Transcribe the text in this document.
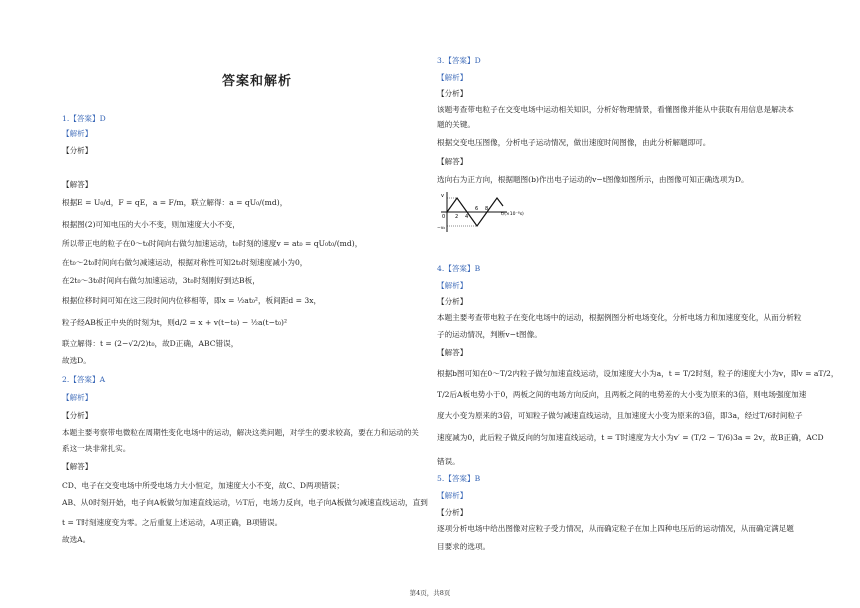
答案和解析
1.【答案】D
【解析】
【分析】
【解答】
根据E = U₀/d，F = qE，a = F/m，联立解得：a = qU₀/(md)，
根据图(2)可知电压的大小不变，则加速度大小不变，
所以带正电的粒子在0～t₀时间向右做匀加速运动，t₀时刻的速度v = at₀ = qU₀t₀/(md)，
在t₀～2t₀时间向右做匀减速运动，根据对称性可知2t₀时刻速度减小为0，
在2t₀～3t₀时间向右做匀加速运动，3t₀时刻刚好到达B板，
根据位移时间可知在这三段时间内位移相等，即x = ½at₀²，板间距d = 3x，
粒子经AB板正中央的时刻为t，则d/2 = x + v(t−t₀) − ½a(t−t₀)²
联立解得：t = (2−√2/2)t₀，故D正确，ABC错误，
故选D。
2.【答案】A
【解析】
【分析】
本题主要考察带电微粒在周期性变化电场中的运动，解决这类问题，对学生的要求较高，要在力和运动的关
系这一块非常扎实。
【解答】
CD、电子在交变电场中所受电场力大小恒定，加速度大小不变，故C、D两项错误；
AB、从0时刻开始，电子向A板做匀加速直线运动，½T后，电场力反向，电子向A板做匀减速直线运动，直到
t = T时刻速度变为零。之后重复上述运动，A项正确，B项错误。
故选A。
3.【答案】D
【解析】
【分析】
该题考查带电粒子在交变电场中运动相关知识，分析好物理情景，看懂图像并能从中获取有用信息是解决本
题的关键。
根据交变电压图像，分析电子运动情况，做出速度时间图像，由此分析解题即可。
【解答】
选向右为正方向，根据题图(b)作出电子运动的v−t图像如图所示，由图像可知正确选项为D。
4.【答案】B
【解析】
【分析】
本题主要考查带电粒子在变化电场中的运动，根据例图分析电场变化，分析电场力和加速度变化，从而分析粒
子的运动情况，判断v−t图像。
【解答】
根据b图可知在0～T/2内粒子做匀加速直线运动，设加速度大小为a，t = T/2时刻，粒子的速度大小为v，即v = aT/2，
T/2后A板电势小于0，两板之间的电场方向反向，且两板之间的电势差的大小变为原来的3倍，则电场强度加速
度大小变为原来的3倍，可知粒子做匀减速直线运动，且加速度大小变为原来的3倍，即3a，经过T/6时间粒子
速度减为0，此后粒子做反向的匀加速直线运动，t = T时速度为大小为v′ = (T/2 − T/6)3a = 2v，故B正确，ACD
错误。
5.【答案】B
【解析】
【分析】
逐项分析电场中给出图像对应粒子受力情况，从而确定粒子在加上四种电压后的运动情况，从而确定满足题
目要求的选项。
v
0
−v₀
2 4
6 8
t/(×10⁻⁸s)
第4页，共8页
